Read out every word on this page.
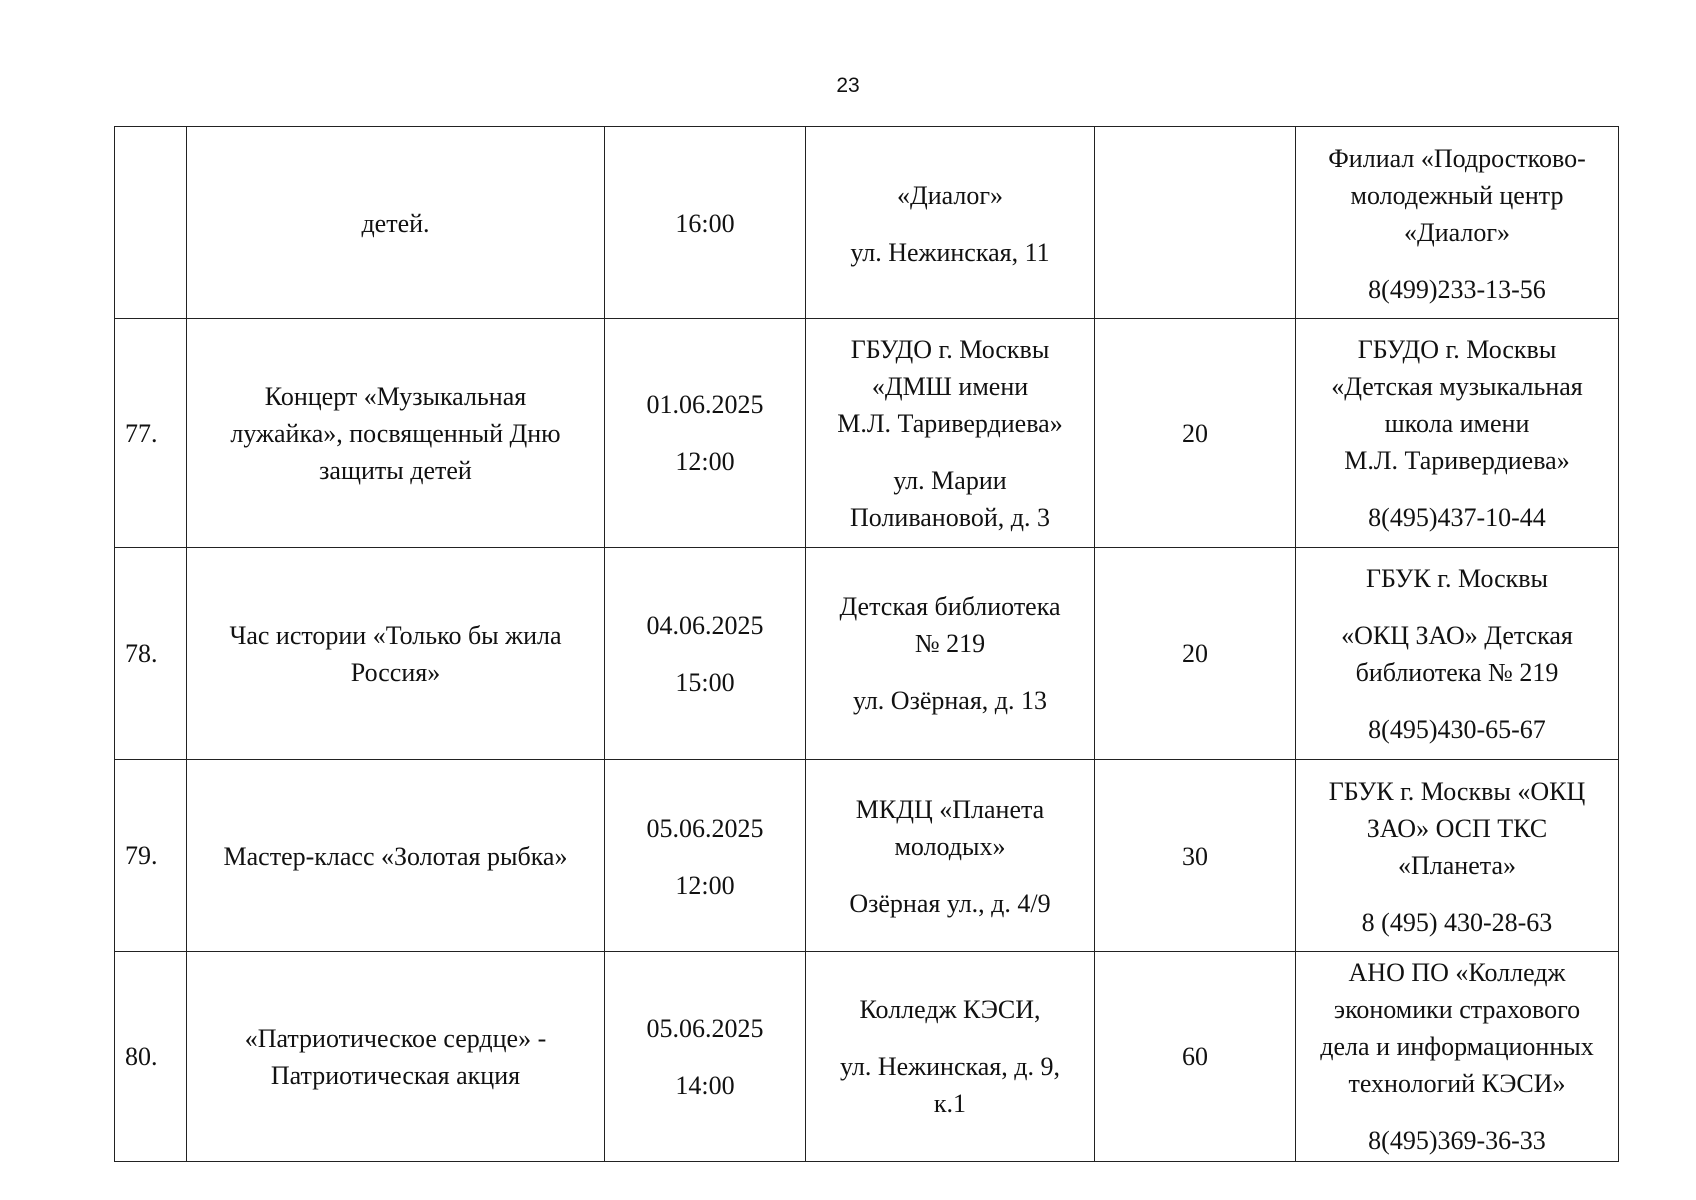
23

	детей.	16:00	«Диалог»
ул. Нежинская, 11		Филиал «Подростково-
молодежный центр
«Диалог»
8(499)233-13-56

77.	Концерт «Музыкальная
лужайка», посвященный Дню
защиты детей	01.06.2025
12:00	ГБУДО г. Москвы
«ДМШ имени
М.Л. Таривердиева»
ул. Марии
Поливановой, д. 3	20	ГБУДО г. Москвы
«Детская музыкальная
школа имени
М.Л. Таривердиева»
8(495)437-10-44

78.	Час истории «Только бы жила
Россия»	04.06.2025
15:00	Детская библиотека
№ 219
ул. Озёрная, д. 13	20	ГБУК г. Москвы
«ОКЦ ЗАО» Детская
библиотека № 219
8(495)430-65-67

79.	Мастер-класс «Золотая рыбка»	05.06.2025
12:00	МКДЦ «Планета
молодых»
Озёрная ул., д. 4/9	30	ГБУК г. Москвы «ОКЦ
ЗАО» ОСП ТКС
«Планета»
8 (495) 430-28-63

80.	«Патриотическое сердце» -
Патриотическая акция	05.06.2025
14:00	Колледж КЭСИ,
ул. Нежинская, д. 9,
к.1	60	АНО ПО «Колледж
экономики страхового
дела и информационных
технологий КЭСИ»
8(495)369-36-33
